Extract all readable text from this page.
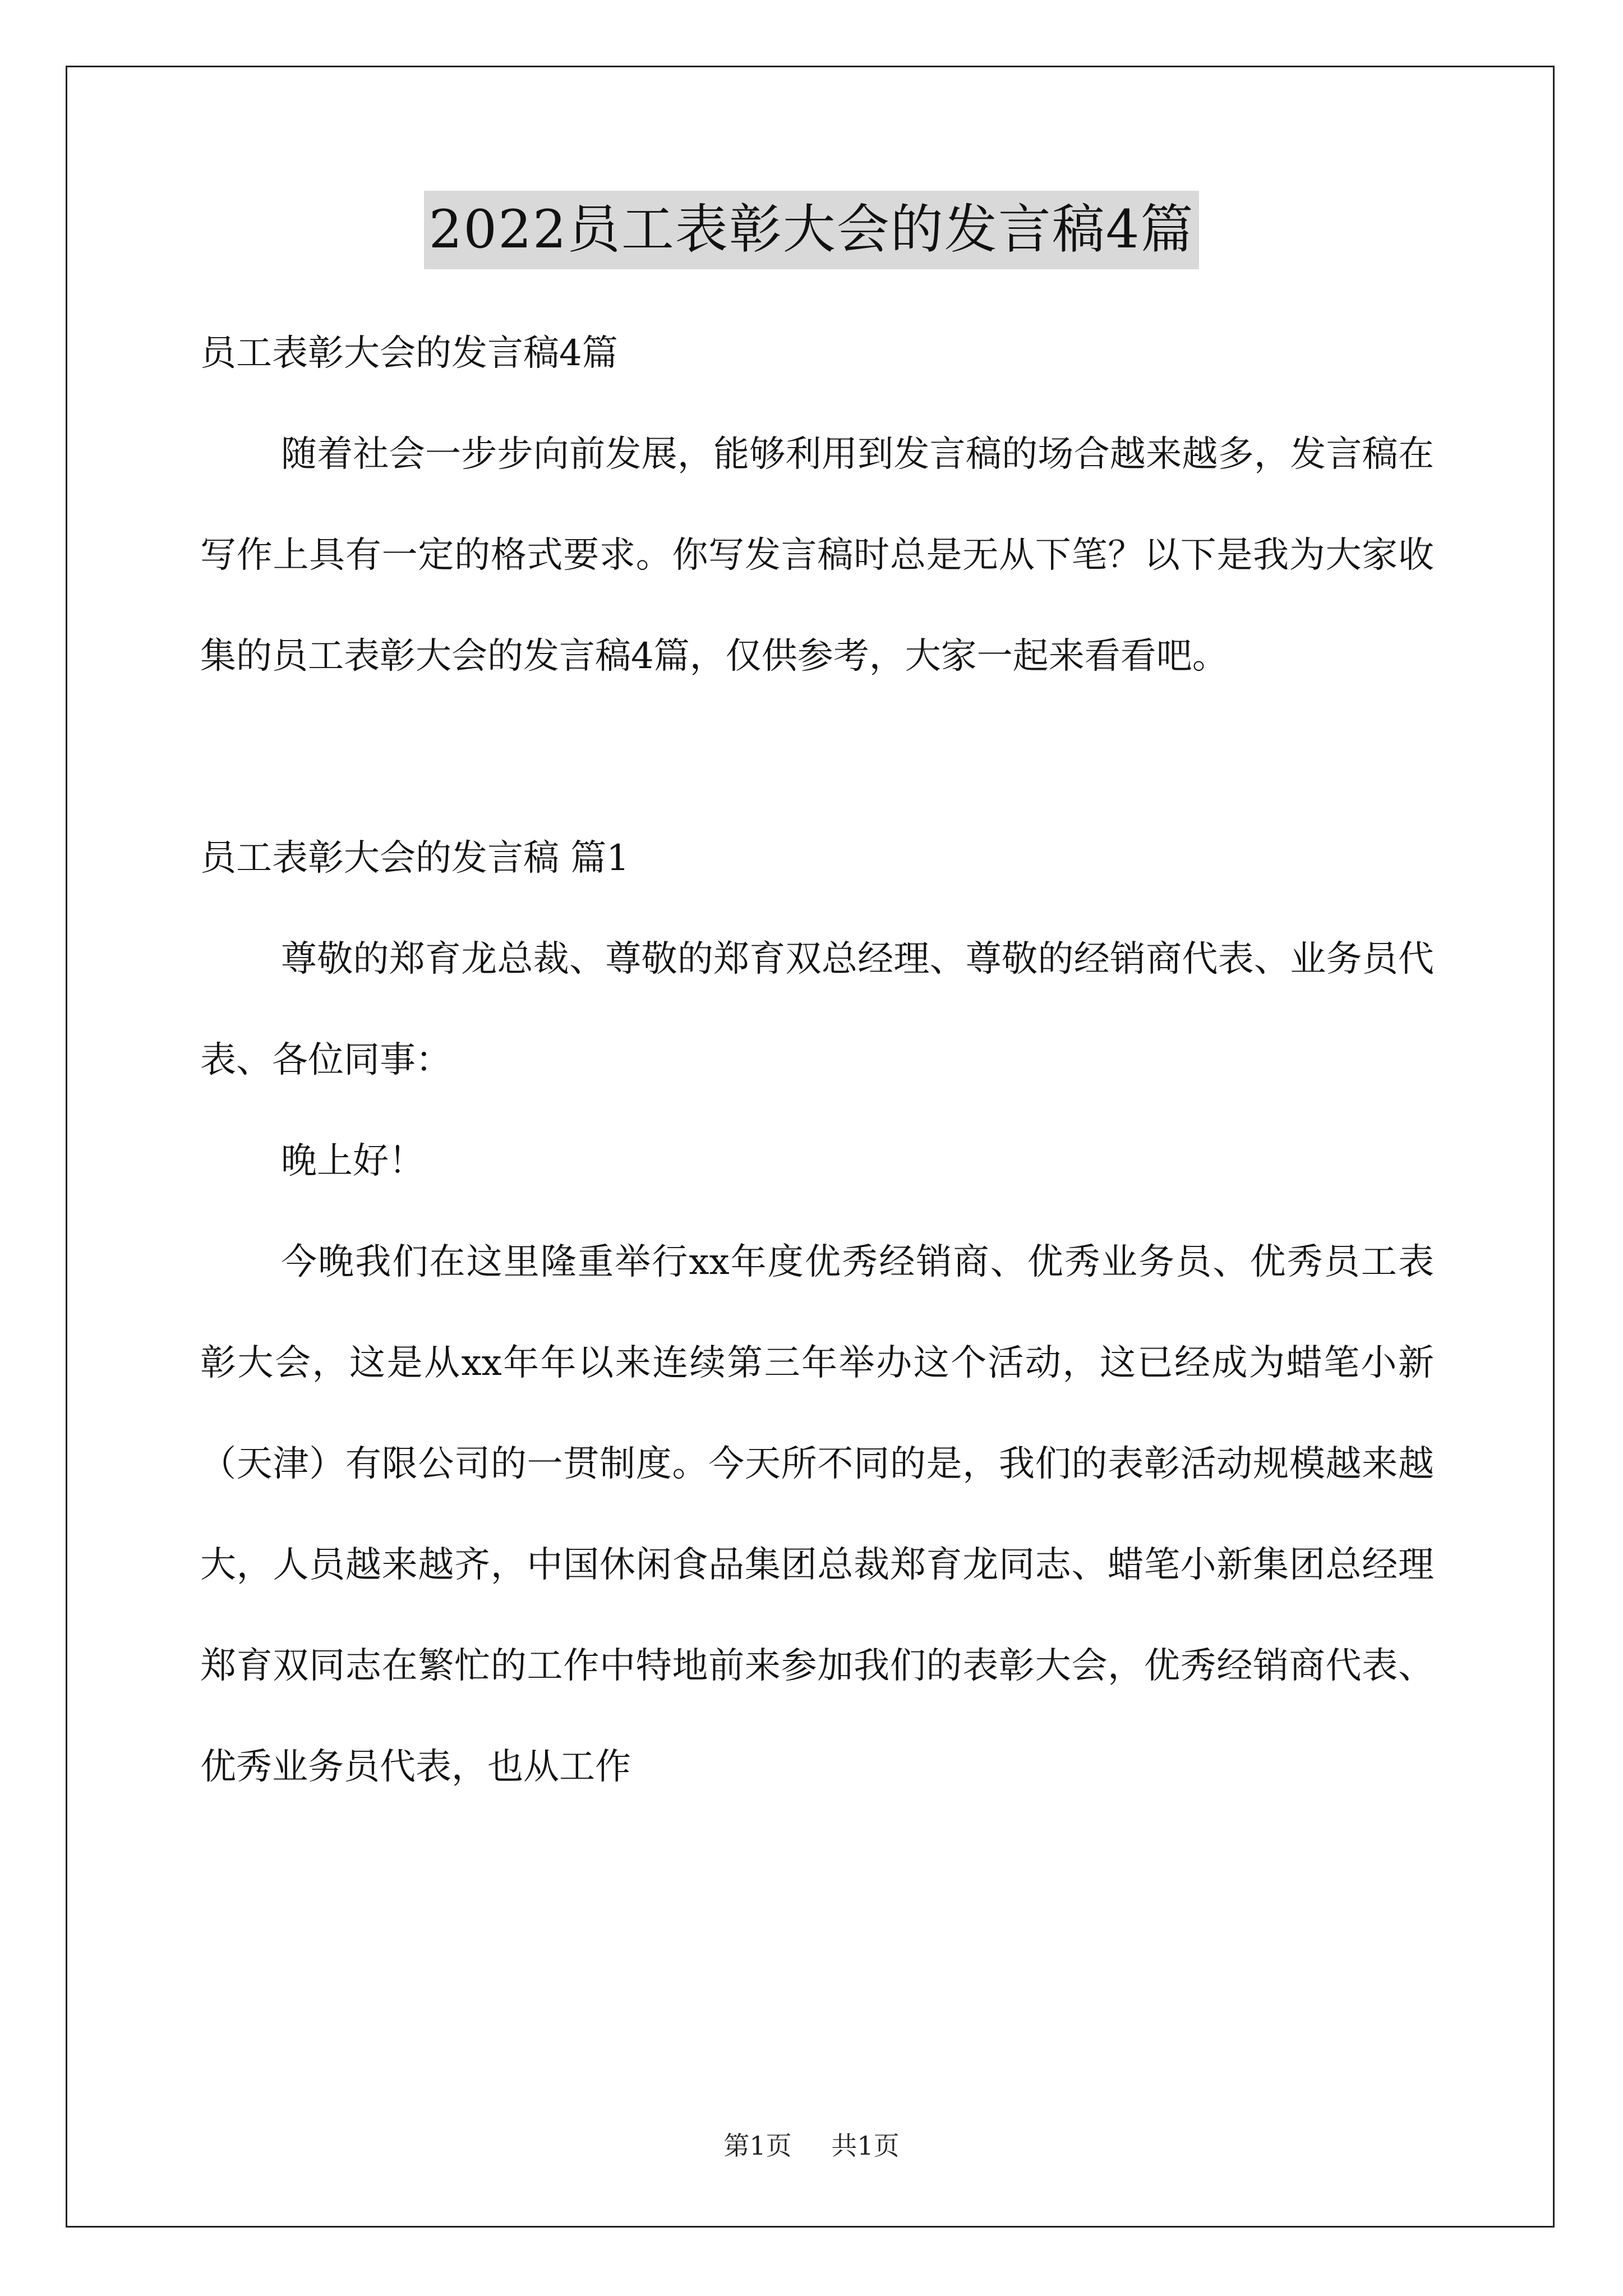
2022员工表彰大会的发言稿4篇

员工表彰大会的发言稿4篇

随着社会一步步向前发展，能够利用到发言稿的场合越来越多，发言稿在写作上具有一定的格式要求。你写发言稿时总是无从下笔？以下是我为大家收集的员工表彰大会的发言稿4篇，仅供参考，大家一起来看看吧。

员工表彰大会的发言稿 篇1

尊敬的郑育龙总裁、尊敬的郑育双总经理、尊敬的经销商代表、业务员代表、各位同事：

晚上好！

今晚我们在这里隆重举行xx年度优秀经销商、优秀业务员、优秀员工表彰大会，这是从xx年年以来连续第三年举办这个活动，这已经成为蜡笔小新（天津）有限公司的一贯制度。今天所不同的是，我们的表彰活动规模越来越大，人员越来越齐，中国休闲食品集团总裁郑育龙同志、蜡笔小新集团总经理郑育双同志在繁忙的工作中特地前来参加我们的表彰大会，优秀经销商代表、优秀业务员代表，也从工作

第1页 共1页
